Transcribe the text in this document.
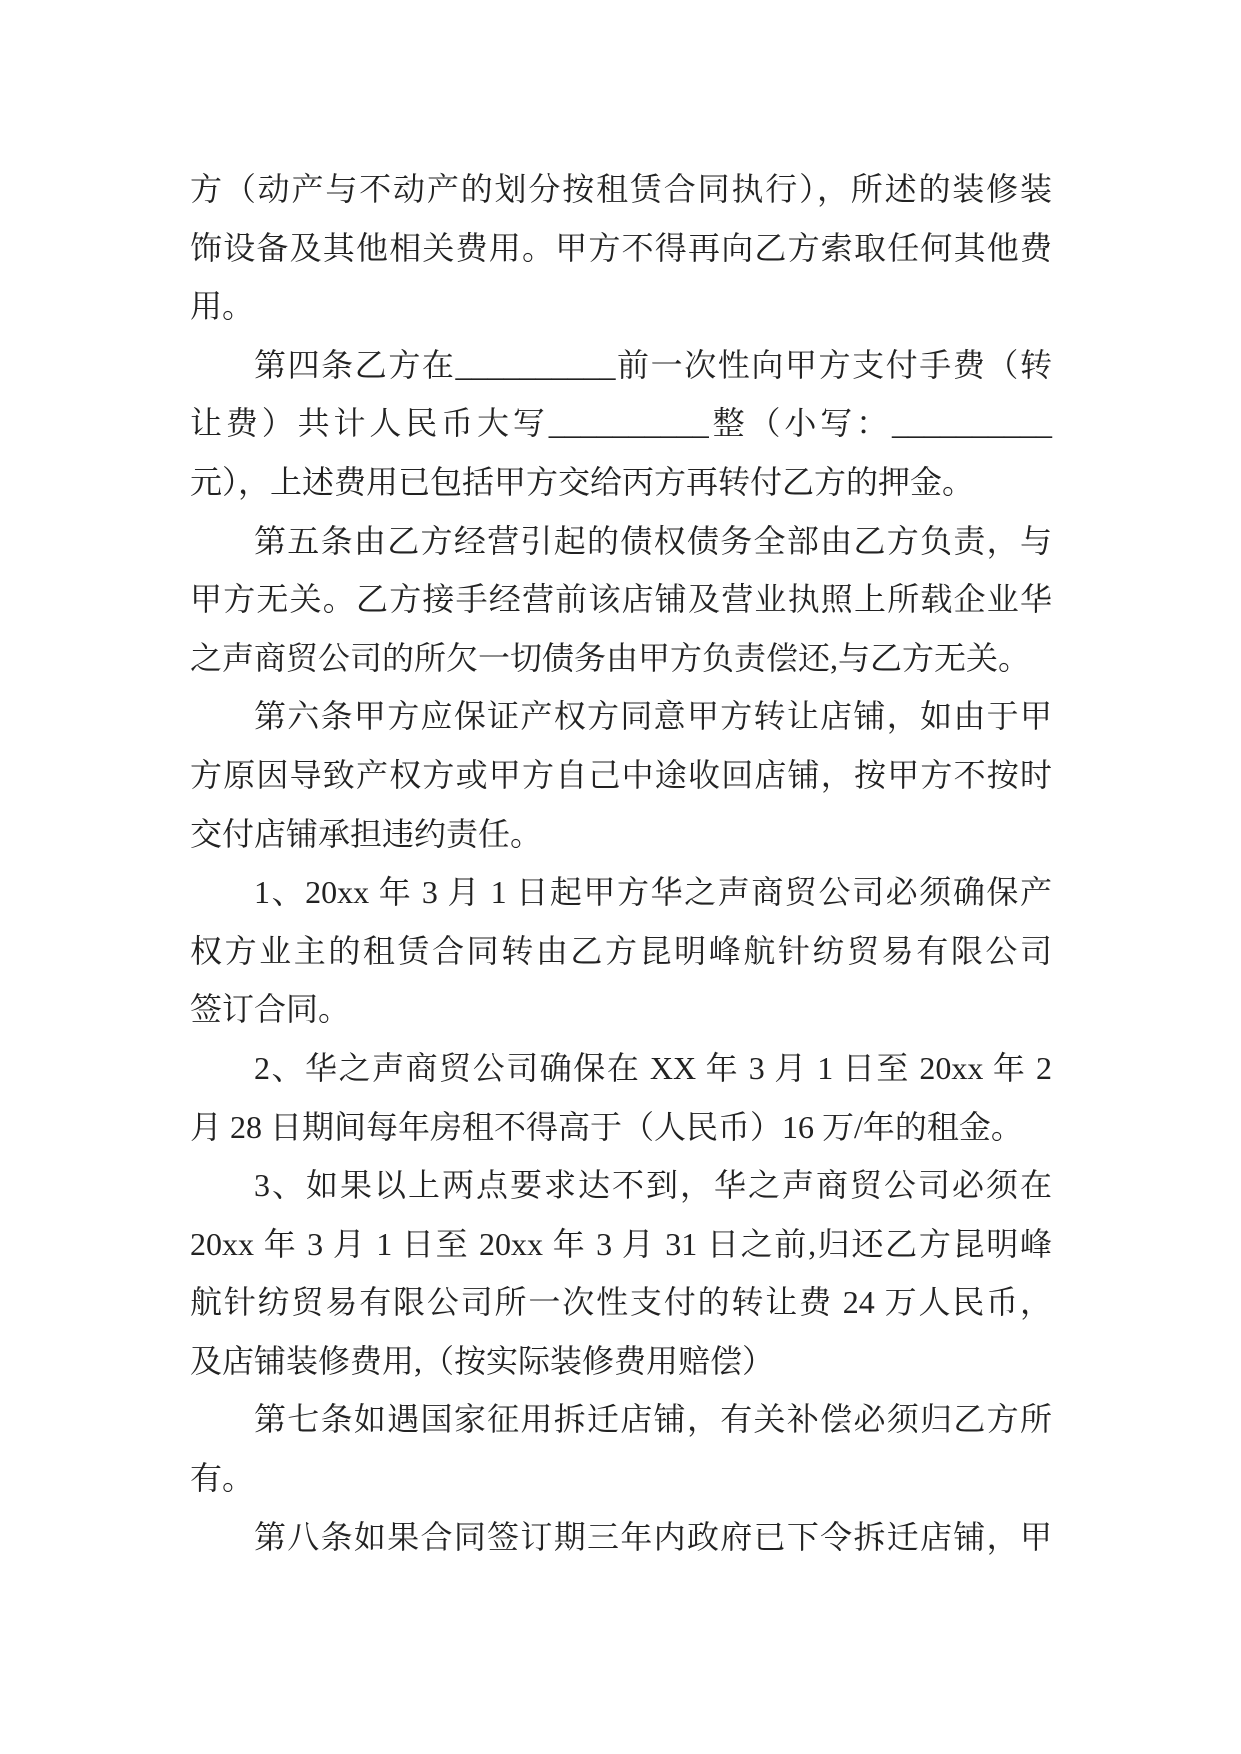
方（动产与不动产的划分按租赁合同执行），所述的装修装
饰设备及其他相关费用。甲方不得再向乙方索取任何其他费
用。
第四条乙方在__________前一次性向甲方支付手费（转
让费）共计人民币大写__________整（小写：__________
元），上述费用已包括甲方交给丙方再转付乙方的押金。
第五条由乙方经营引起的债权债务全部由乙方负责，与
甲方无关。乙方接手经营前该店铺及营业执照上所载企业华
之声商贸公司的所欠一切债务由甲方负责偿还,与乙方无关。
第六条甲方应保证产权方同意甲方转让店铺，如由于甲
方原因导致产权方或甲方自己中途收回店铺，按甲方不按时
交付店铺承担违约责任。
1、20xx 年 3 月 1 日起甲方华之声商贸公司必须确保产
权方业主的租赁合同转由乙方昆明峰航针纺贸易有限公司
签订合同。
2、华之声商贸公司确保在 XX 年 3 月 1 日至 20xx 年 2
月 28 日期间每年房租不得高于（人民币）16 万/年的租金。
3、如果以上两点要求达不到，华之声商贸公司必须在
20xx 年 3 月 1 日至 20xx 年 3 月 31 日之前,归还乙方昆明峰
航针纺贸易有限公司所一次性支付的转让费 24 万人民币，
及店铺装修费用,（按实际装修费用赔偿）
第七条如遇国家征用拆迁店铺，有关补偿必须归乙方所
有。
第八条如果合同签订期三年内政府已下令拆迁店铺，甲
